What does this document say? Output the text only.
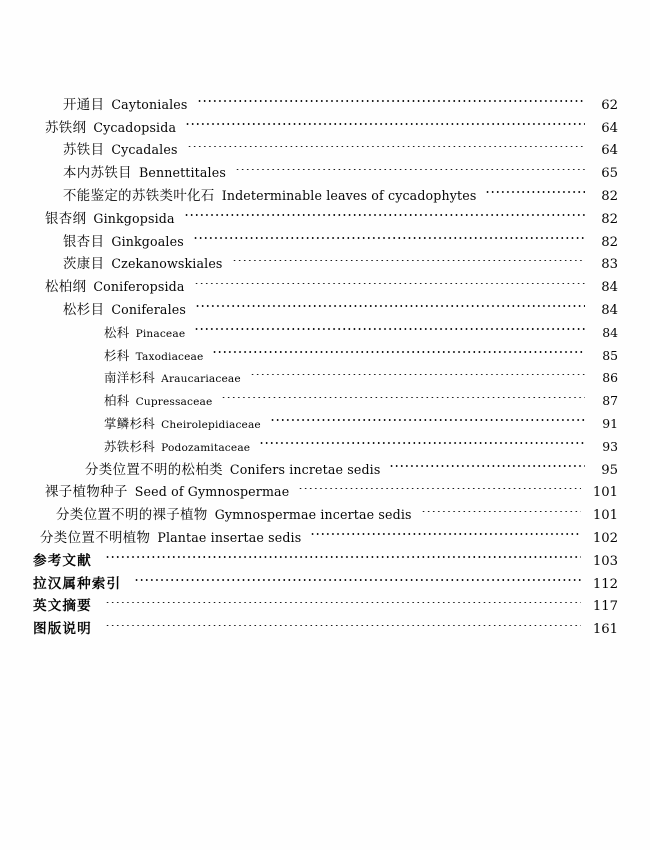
开通目 Caytoniales	62
苏铁纲 Cycadopsida	64
苏铁目 Cycadales	64
本内苏铁目 Bennettitales	65
不能鉴定的苏铁类叶化石 Indeterminable leaves of cycadophytes	82
银杏纲 Ginkgopsida	82
银杏目 Ginkgoales	82
茨康目 Czekanowskiales	83
松柏纲 Coniferopsida	84
松杉目 Coniferales	84
松科 Pinaceae	84
杉科 Taxodiaceae	85
南洋杉科 Araucariaceae	86
柏科 Cupressaceae	87
掌鳞杉科 Cheirolepidiaceae	91
苏铁杉科 Podozamitaceae	93
分类位置不明的松柏类 Conifers incretae sedis	95
裸子植物种子 Seed of Gymnospermae	101
分类位置不明的裸子植物 Gymnospermae incertae sedis	101
分类位置不明植物 Plantae insertae sedis	102
参考文献	103
拉汉属种索引	112
英文摘要	117
图版说明	161
